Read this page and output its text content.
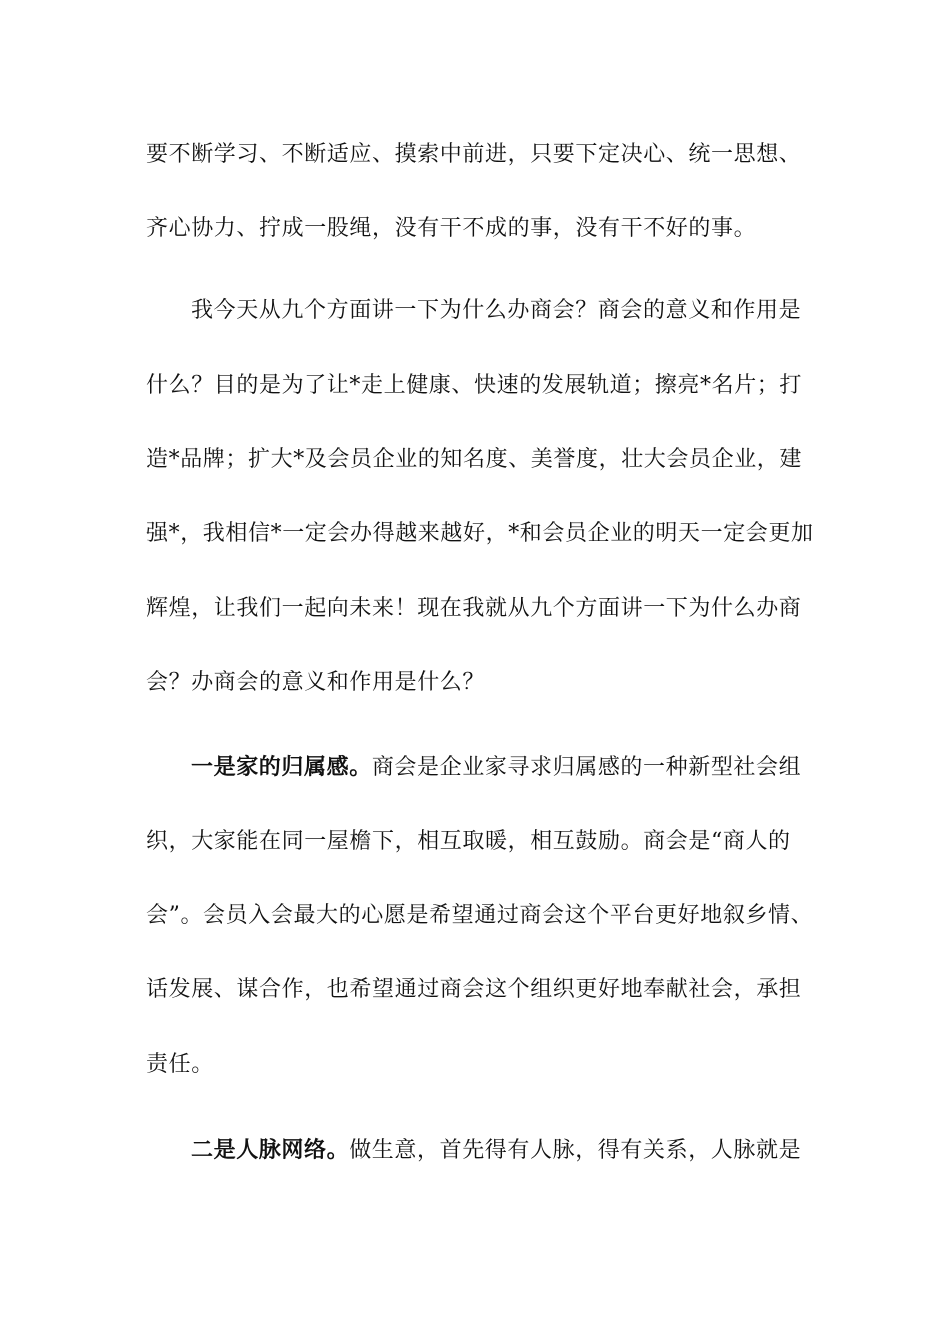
要不断学习、不断适应、摸索中前进，只要下定决心、统一思想、
齐心协力、拧成一股绳，没有干不成的事，没有干不好的事。
我今天从九个方面讲一下为什么办商会？商会的意义和作用是
什么？目的是为了让*走上健康、快速的发展轨道；擦亮*名片；打
造*品牌；扩大*及会员企业的知名度、美誉度，壮大会员企业，建
强*，我相信*一定会办得越来越好，*和会员企业的明天一定会更加
辉煌，让我们一起向未来！现在我就从九个方面讲一下为什么办商
会？办商会的意义和作用是什么？
一是家的归属感。商会是企业家寻求归属感的一种新型社会组
织，大家能在同一屋檐下，相互取暖，相互鼓励。商会是“商人的
会”。会员入会最大的心愿是希望通过商会这个平台更好地叙乡情、
话发展、谋合作，也希望通过商会这个组织更好地奉献社会，承担
责任。
二是人脉网络。做生意，首先得有人脉，得有关系，人脉就是
